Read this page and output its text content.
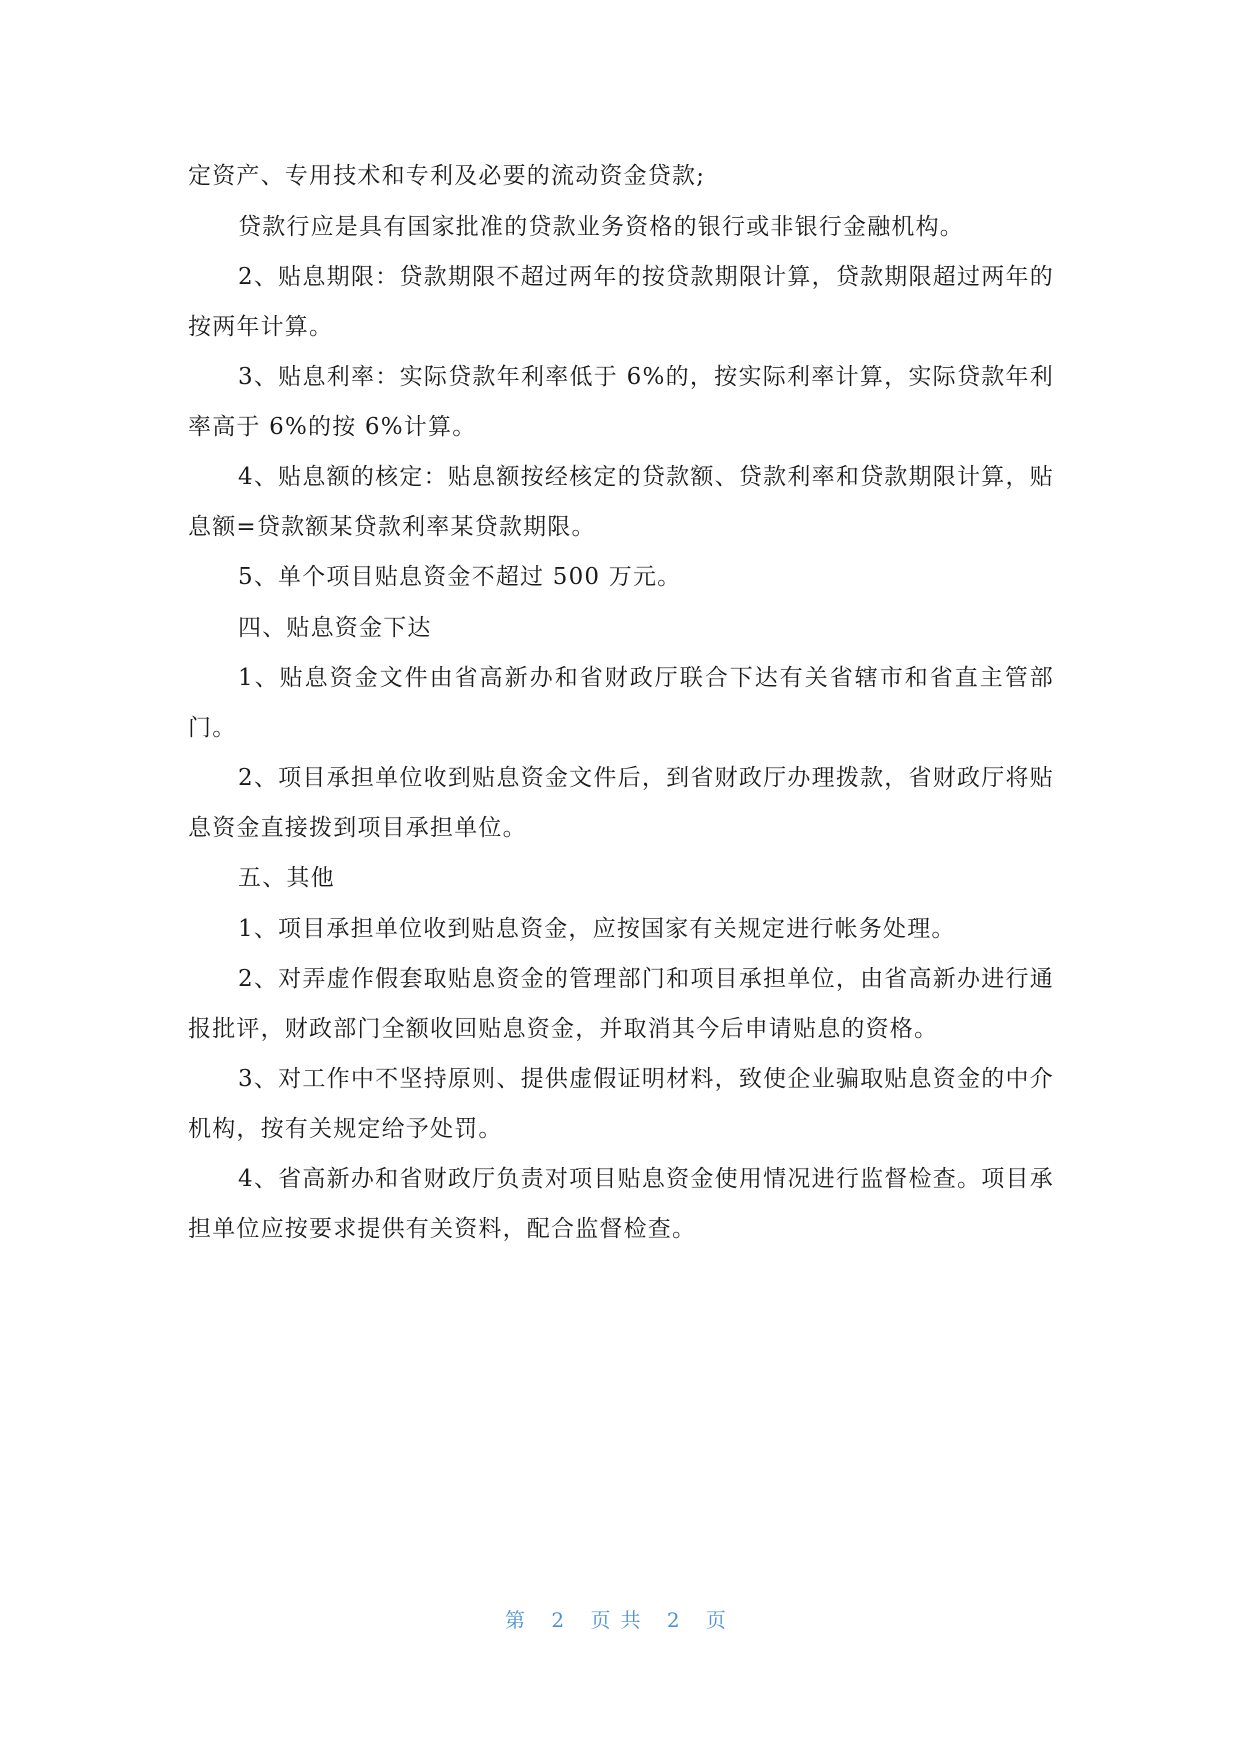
定资产、专用技术和专利及必要的流动资金贷款;

贷款行应是具有国家批准的贷款业务资格的银行或非银行金融机构。

2、贴息期限：贷款期限不超过两年的按贷款期限计算，贷款期限超过两年的按两年计算。

3、贴息利率：实际贷款年利率低于 6%的，按实际利率计算，实际贷款年利率高于 6%的按 6%计算。

4、贴息额的核定：贴息额按经核定的贷款额、贷款利率和贷款期限计算，贴息额=贷款额某贷款利率某贷款期限。

5、单个项目贴息资金不超过 500 万元。

四、贴息资金下达

1、贴息资金文件由省高新办和省财政厅联合下达有关省辖市和省直主管部门。

2、项目承担单位收到贴息资金文件后，到省财政厅办理拨款，省财政厅将贴息资金直接拨到项目承担单位。

五、其他

1、项目承担单位收到贴息资金，应按国家有关规定进行帐务处理。

2、对弄虚作假套取贴息资金的管理部门和项目承担单位，由省高新办进行通报批评，财政部门全额收回贴息资金，并取消其今后申请贴息的资格。

3、对工作中不坚持原则、提供虚假证明材料，致使企业骗取贴息资金的中介机构，按有关规定给予处罚。

4、省高新办和省财政厅负责对项目贴息资金使用情况进行监督检查。项目承担单位应按要求提供有关资料，配合监督检查。

第 2 页共 2 页
